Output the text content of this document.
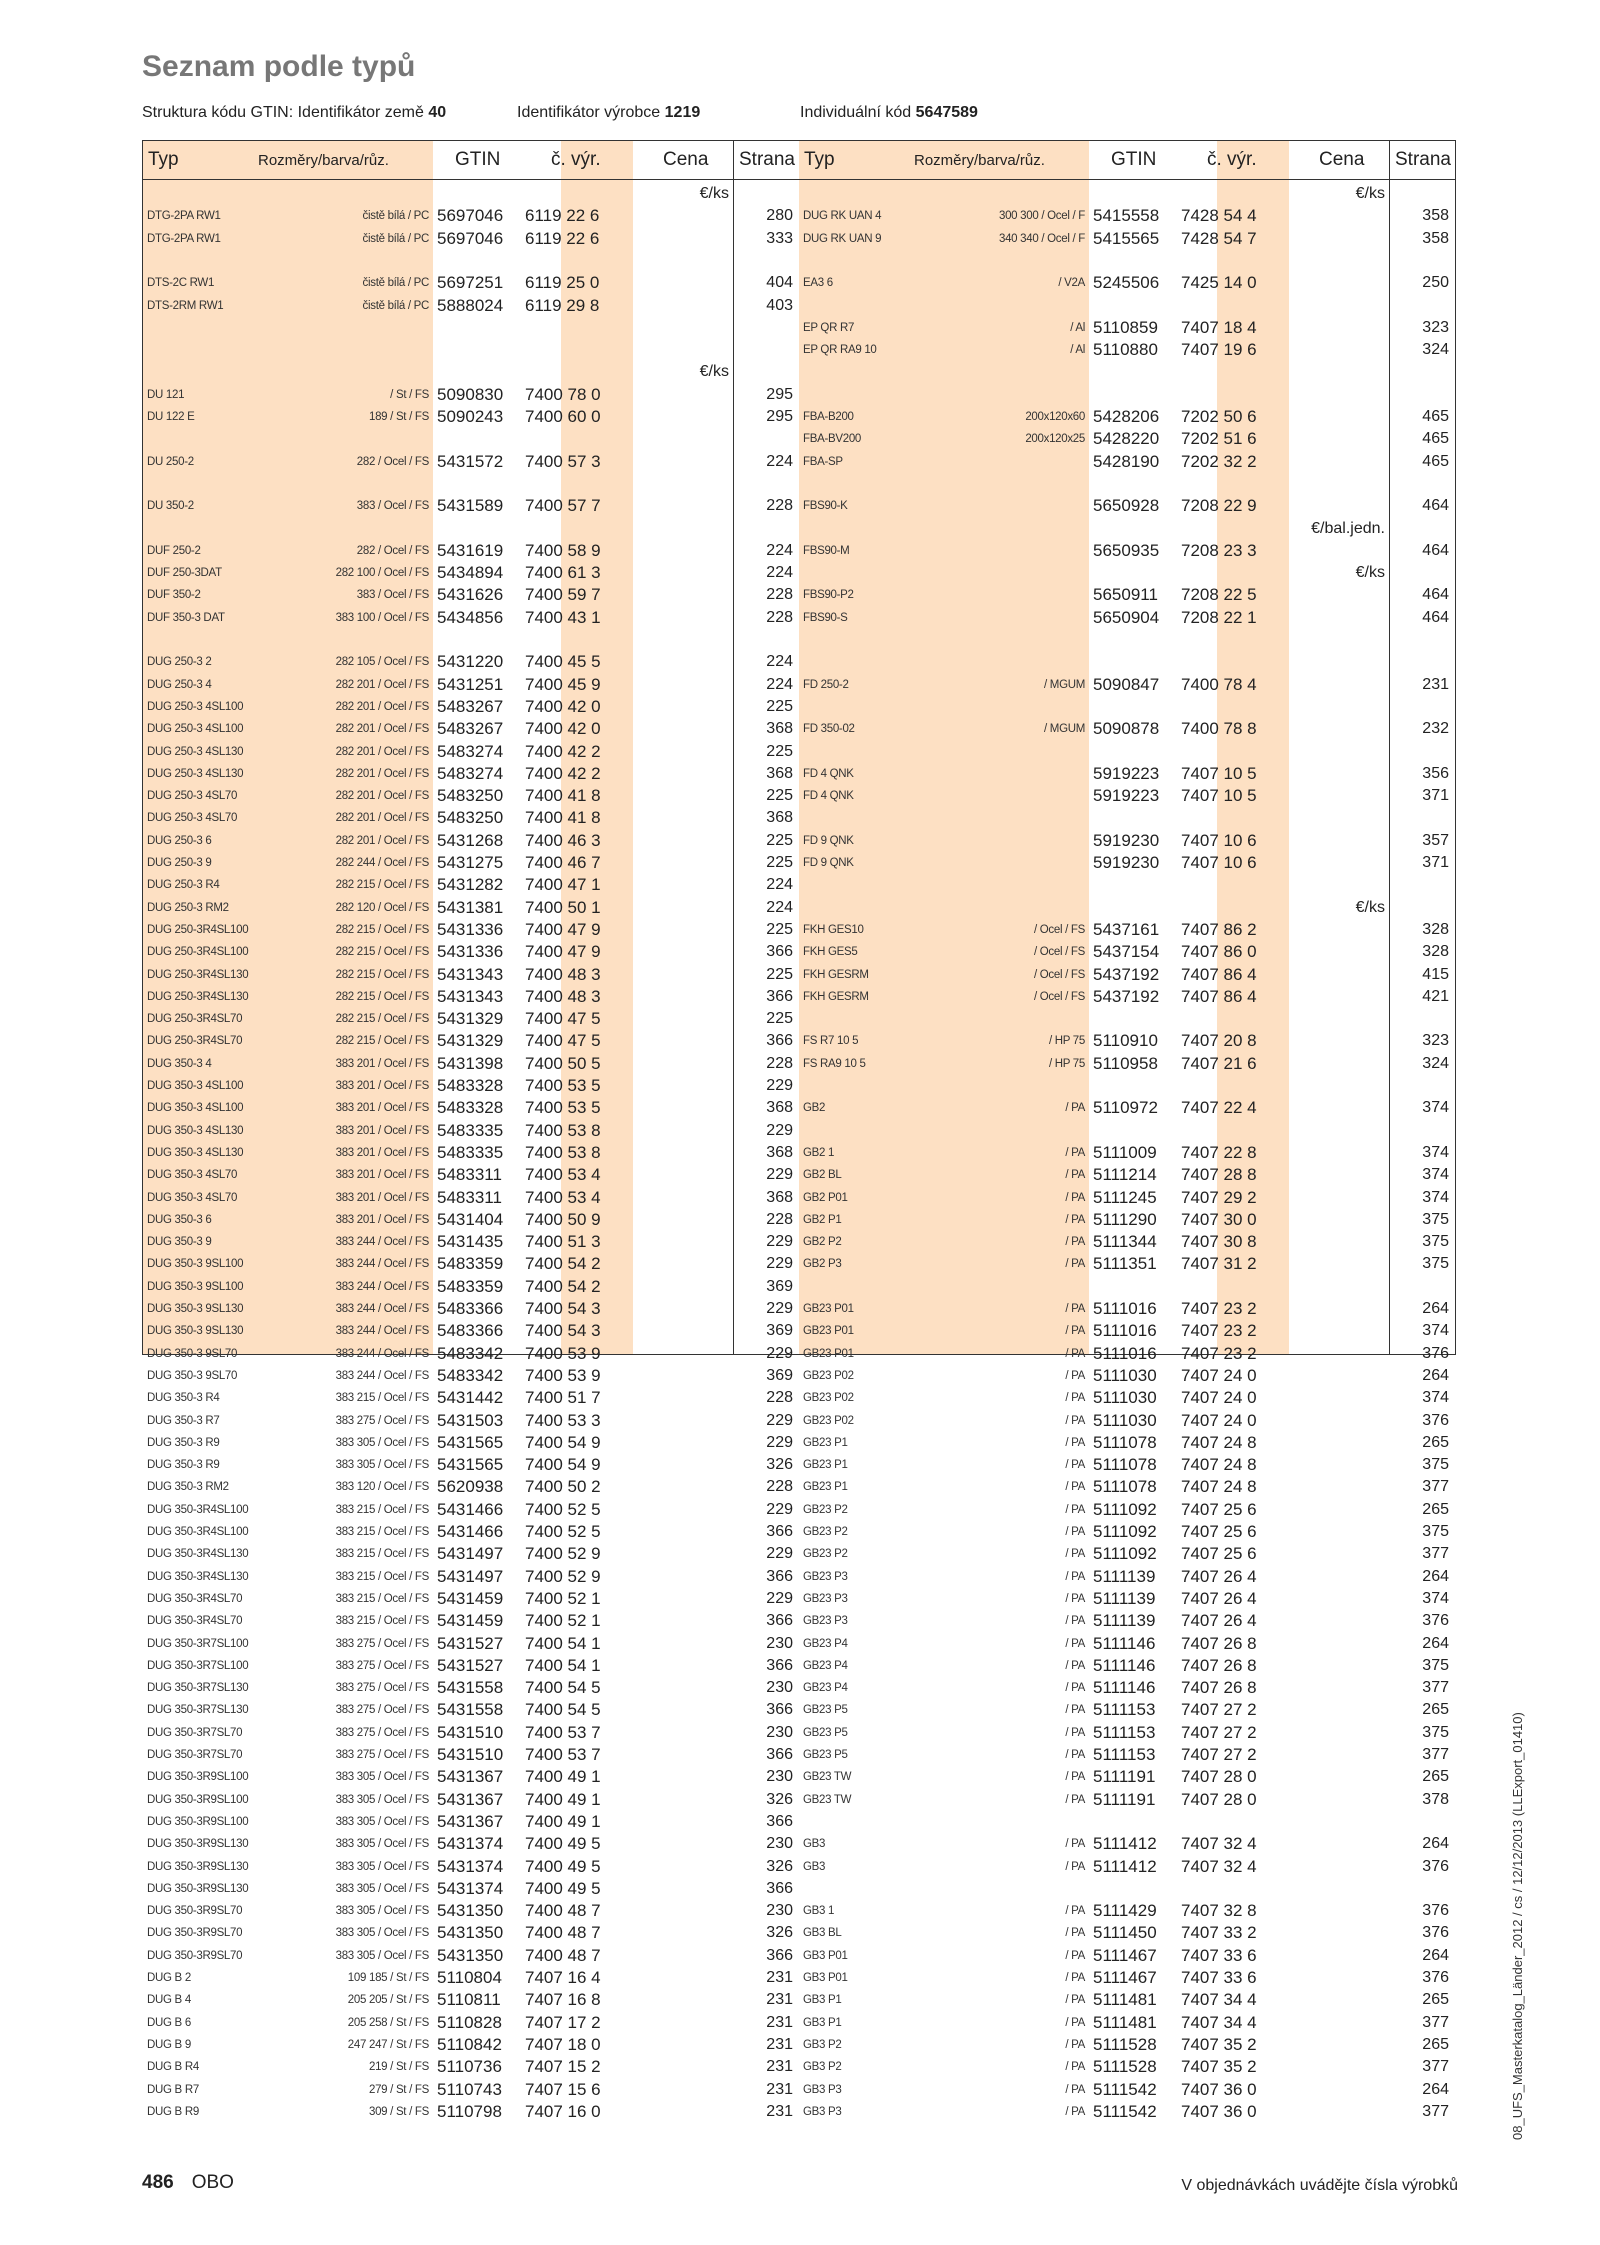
Seznam podle typů
Struktura kódu GTIN: Identifikátor země 40	Identifikátor výrobce 1219	Individuální kód 5647589
Typ	Rozměry/barva/růz.	GTIN	č. výr.	Cena Strana
€/ks
DTG-2PA RW1	čistě bílá / PC 5697046	6119 22 6	280
DTG-2PA RW1	čistě bílá / PC 5697046	6119 22 6	333
DTS-2C RW1	čistě bílá / PC 5697251	6119 25 0	404
DTS-2RM RW1	čistě bílá / PC 5888024	6119 29 8	403
€/ks
DU 121	/ St / FS 5090830	7400 78 0	295
DU 122 E	189 / St / FS 5090243	7400 60 0	295
DU 250-2	282 / Ocel / FS 5431572	7400 57 3	224
DU 350-2	383 / Ocel / FS 5431589	7400 57 7	228
DUF 250-2	282 / Ocel / FS 5431619	7400 58 9	224
DUF 250-3DAT	282 100 / Ocel / FS 5434894	7400 61 3	224
DUF 350-2	383 / Ocel / FS 5431626	7400 59 7	228
DUF 350-3 DAT	383 100 / Ocel / FS 5434856	7400 43 1	228
DUG 250-3 2	282 105 / Ocel / FS 5431220	7400 45 5	224
DUG 250-3 4	282 201 / Ocel / FS 5431251	7400 45 9	224
DUG 250-3 4SL100	282 201 / Ocel / FS 5483267	7400 42 0	225
DUG 250-3 4SL100	282 201 / Ocel / FS 5483267	7400 42 0	368
DUG 250-3 4SL130	282 201 / Ocel / FS 5483274	7400 42 2	225
DUG 250-3 4SL130	282 201 / Ocel / FS 5483274	7400 42 2	368
DUG 250-3 4SL70	282 201 / Ocel / FS 5483250	7400 41 8	225
DUG 250-3 4SL70	282 201 / Ocel / FS 5483250	7400 41 8	368
DUG 250-3 6	282 201 / Ocel / FS 5431268	7400 46 3	225
DUG 250-3 9	282 244 / Ocel / FS 5431275	7400 46 7	225
DUG 250-3 R4	282 215 / Ocel / FS 5431282	7400 47 1	224
DUG 250-3 RM2	282 120 / Ocel / FS 5431381	7400 50 1	224
DUG 250-3R4SL100	282 215 / Ocel / FS 5431336	7400 47 9	225
DUG 250-3R4SL100	282 215 / Ocel / FS 5431336	7400 47 9	366
DUG 250-3R4SL130	282 215 / Ocel / FS 5431343	7400 48 3	225
DUG 250-3R4SL130	282 215 / Ocel / FS 5431343	7400 48 3	366
DUG 250-3R4SL70	282 215 / Ocel / FS 5431329	7400 47 5	225
DUG 250-3R4SL70	282 215 / Ocel / FS 5431329	7400 47 5	366
DUG 350-3 4	383 201 / Ocel / FS 5431398	7400 50 5	228
DUG 350-3 4SL100	383 201 / Ocel / FS 5483328	7400 53 5	229
DUG 350-3 4SL100	383 201 / Ocel / FS 5483328	7400 53 5	368
DUG 350-3 4SL130	383 201 / Ocel / FS 5483335	7400 53 8	229
DUG 350-3 4SL130	383 201 / Ocel / FS 5483335	7400 53 8	368
DUG 350-3 4SL70	383 201 / Ocel / FS 5483311	7400 53 4	229
DUG 350-3 4SL70	383 201 / Ocel / FS 5483311	7400 53 4	368
DUG 350-3 6	383 201 / Ocel / FS 5431404	7400 50 9	228
DUG 350-3 9	383 244 / Ocel / FS 5431435	7400 51 3	229
DUG 350-3 9SL100	383 244 / Ocel / FS 5483359	7400 54 2	229
DUG 350-3 9SL100	383 244 / Ocel / FS 5483359	7400 54 2	369
DUG 350-3 9SL130	383 244 / Ocel / FS 5483366	7400 54 3	229
DUG 350-3 9SL130	383 244 / Ocel / FS 5483366	7400 54 3	369
DUG 350-3 9SL70	383 244 / Ocel / FS 5483342	7400 53 9	229
DUG 350-3 9SL70	383 244 / Ocel / FS 5483342	7400 53 9	369
DUG 350-3 R4	383 215 / Ocel / FS 5431442	7400 51 7	228
DUG 350-3 R7	383 275 / Ocel / FS 5431503	7400 53 3	229
DUG 350-3 R9	383 305 / Ocel / FS 5431565	7400 54 9	229
DUG 350-3 R9	383 305 / Ocel / FS 5431565	7400 54 9	326
DUG 350-3 RM2	383 120 / Ocel / FS 5620938	7400 50 2	228
DUG 350-3R4SL100	383 215 / Ocel / FS 5431466	7400 52 5	229
DUG 350-3R4SL100	383 215 / Ocel / FS 5431466	7400 52 5	366
DUG 350-3R4SL130	383 215 / Ocel / FS 5431497	7400 52 9	229
DUG 350-3R4SL130	383 215 / Ocel / FS 5431497	7400 52 9	366
DUG 350-3R4SL70	383 215 / Ocel / FS 5431459	7400 52 1	229
DUG 350-3R4SL70	383 215 / Ocel / FS 5431459	7400 52 1	366
DUG 350-3R7SL100	383 275 / Ocel / FS 5431527	7400 54 1	230
DUG 350-3R7SL100	383 275 / Ocel / FS 5431527	7400 54 1	366
DUG 350-3R7SL130	383 275 / Ocel / FS 5431558	7400 54 5	230
DUG 350-3R7SL130	383 275 / Ocel / FS 5431558	7400 54 5	366
DUG 350-3R7SL70	383 275 / Ocel / FS 5431510	7400 53 7	230
DUG 350-3R7SL70	383 275 / Ocel / FS 5431510	7400 53 7	366
DUG 350-3R9SL100	383 305 / Ocel / FS 5431367	7400 49 1	230
DUG 350-3R9SL100	383 305 / Ocel / FS 5431367	7400 49 1	326
DUG 350-3R9SL100	383 305 / Ocel / FS 5431367	7400 49 1	366
DUG 350-3R9SL130	383 305 / Ocel / FS 5431374	7400 49 5	230
DUG 350-3R9SL130	383 305 / Ocel / FS 5431374	7400 49 5	326
DUG 350-3R9SL130	383 305 / Ocel / FS 5431374	7400 49 5	366
DUG 350-3R9SL70	383 305 / Ocel / FS 5431350	7400 48 7	230
DUG 350-3R9SL70	383 305 / Ocel / FS 5431350	7400 48 7	326
DUG 350-3R9SL70	383 305 / Ocel / FS 5431350	7400 48 7	366
DUG B 2	109 185 / St / FS 5110804	7407 16 4	231
DUG B 4	205 205 / St / FS 5110811	7407 16 8	231
DUG B 6	205 258 / St / FS 5110828	7407 17 2	231
DUG B 9	247 247 / St / FS 5110842	7407 18 0	231
DUG B R4	219 / St / FS 5110736	7407 15 2	231
DUG B R7	279 / St / FS 5110743	7407 15 6	231
DUG B R9	309 / St / FS 5110798	7407 16 0	231
Typ	Rozměry/barva/růz.	GTIN	č. výr.	Cena Strana
€/ks
DUG RK UAN 4	300 300 / Ocel / F 5415558	7428 54 4	358
DUG RK UAN 9	340 340 / Ocel / F 5415565	7428 54 7	358
EA3 6	/ V2A 5245506	7425 14 0	250
EP QR R7	/ Al 5110859	7407 18 4	323
EP QR RA9 10	/ Al 5110880	7407 19 6	324
FBA-B200	200x120x60 5428206	7202 50 6	465
FBA-BV200	200x120x25 5428220	7202 51 6	465
FBA-SP	5428190	7202 32 2	465
FBS90-K	5650928	7208 22 9	464
€/bal.jedn.
FBS90-M	5650935	7208 23 3	464
€/ks
FBS90-P2	5650911	7208 22 5	464
FBS90-S	5650904	7208 22 1	464
FD 250-2	/ MGUM 5090847	7400 78 4	231
FD 350-02	/ MGUM 5090878	7400 78 8	232
FD 4 QNK	5919223	7407 10 5	356
FD 4 QNK	5919223	7407 10 5	371
FD 9 QNK	5919230	7407 10 6	357
FD 9 QNK	5919230	7407 10 6	371
€/ks
FKH GES10	/ Ocel / FS 5437161	7407 86 2	328
FKH GES5	/ Ocel / FS 5437154	7407 86 0	328
FKH GESRM	/ Ocel / FS 5437192	7407 86 4	415
FKH GESRM	/ Ocel / FS 5437192	7407 86 4	421
FS R7 10 5	/ HP 75 5110910	7407 20 8	323
FS RA9 10 5	/ HP 75 5110958	7407 21 6	324
GB2	/ PA 5110972	7407 22 4	374
GB2 1	/ PA 5111009	7407 22 8	374
GB2 BL	/ PA 5111214	7407 28 8	374
GB2 P01	/ PA 5111245	7407 29 2	374
GB2 P1	/ PA 5111290	7407 30 0	375
GB2 P2	/ PA 5111344	7407 30 8	375
GB2 P3	/ PA 5111351	7407 31 2	375
GB23 P01	/ PA 5111016	7407 23 2	264
GB23 P01	/ PA 5111016	7407 23 2	374
GB23 P01	/ PA 5111016	7407 23 2	376
GB23 P02	/ PA 5111030	7407 24 0	264
GB23 P02	/ PA 5111030	7407 24 0	374
GB23 P02	/ PA 5111030	7407 24 0	376
GB23 P1	/ PA 5111078	7407 24 8	265
GB23 P1	/ PA 5111078	7407 24 8	375
GB23 P1	/ PA 5111078	7407 24 8	377
GB23 P2	/ PA 5111092	7407 25 6	265
GB23 P2	/ PA 5111092	7407 25 6	375
GB23 P2	/ PA 5111092	7407 25 6	377
GB23 P3	/ PA 5111139	7407 26 4	264
GB23 P3	/ PA 5111139	7407 26 4	374
GB23 P3	/ PA 5111139	7407 26 4	376
GB23 P4	/ PA 5111146	7407 26 8	264
GB23 P4	/ PA 5111146	7407 26 8	375
GB23 P4	/ PA 5111146	7407 26 8	377
GB23 P5	/ PA 5111153	7407 27 2	265
GB23 P5	/ PA 5111153	7407 27 2	375
GB23 P5	/ PA 5111153	7407 27 2	377
GB23 TW	/ PA 5111191	7407 28 0	265
GB23 TW	/ PA 5111191	7407 28 0	378
GB3	/ PA 5111412	7407 32 4	264
GB3	/ PA 5111412	7407 32 4	376
GB3 1	/ PA 5111429	7407 32 8	376
GB3 BL	/ PA 5111450	7407 33 2	376
GB3 P01	/ PA 5111467	7407 33 6	264
GB3 P01	/ PA 5111467	7407 33 6	376
GB3 P1	/ PA 5111481	7407 34 4	265
GB3 P1	/ PA 5111481	7407 34 4	377
GB3 P2	/ PA 5111528	7407 35 2	265
GB3 P2	/ PA 5111528	7407 35 2	377
GB3 P3	/ PA 5111542	7407 36 0	264
GB3 P3	/ PA 5111542	7407 36 0	377
486 OBO	V objednávkách uvádějte čísla výrobků
08_UFS_Masterkatalog_Länder_2012 / cs / 12/12/2013 (LLExport_01410)
